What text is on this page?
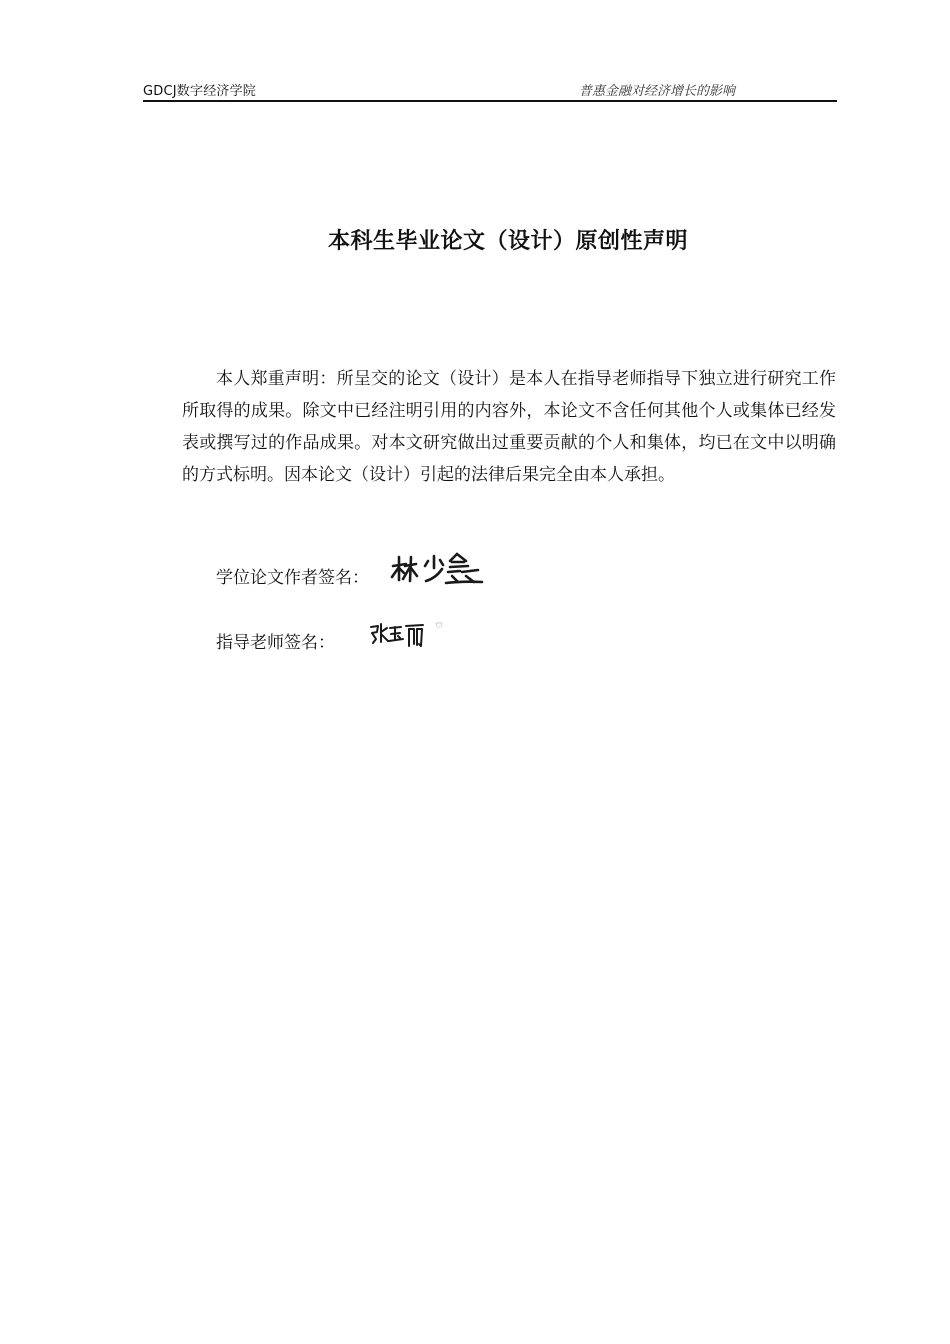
GDCJ数字经济学院	普惠金融对经济增长的影响
本科生毕业论文（设计）原创性声明
本人郑重声明：所呈交的论文（设计）是本人在指导老师指导下独立进行研究工作所取得的成果。除文中已经注明引用的内容外，本论文不含任何其他个人或集体已经发表或撰写过的作品成果。对本文研究做出过重要贡献的个人和集体，均已在文中以明确的方式标明。因本论文（设计）引起的法律后果完全由本人承担。
学位论文作者签名：
指导老师签名：
